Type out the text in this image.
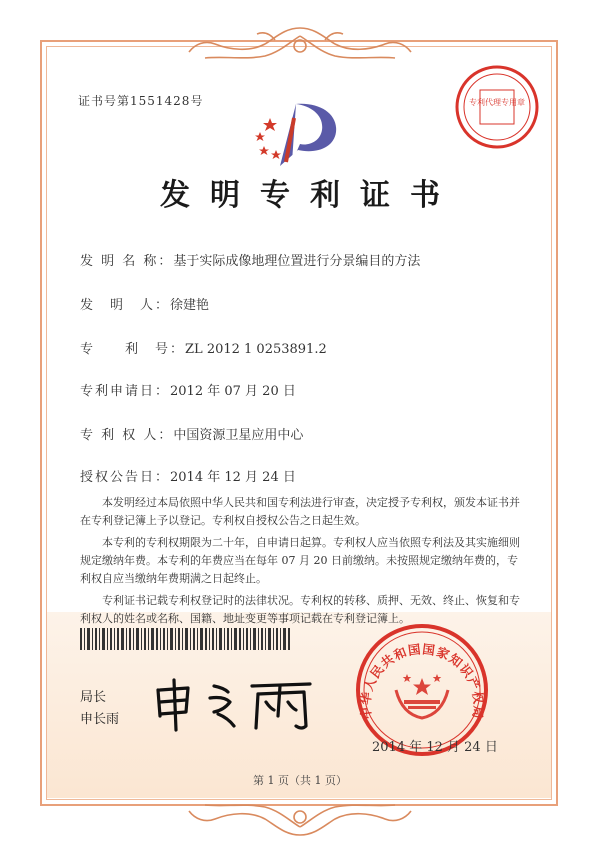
证书号第1551428号	专利代理专用章
发明专利证书
发 明 名 称：基于实际成像地理位置进行分景编目的方法
发　明　人：徐建艳
专　　利　号：ZL 2012 1 0253891.2
专利申请日：2012 年 07 月 20 日
专 利 权 人：中国资源卫星应用中心
授权公告日：2014 年 12 月 24 日

本发明经过本局依照中华人民共和国专利法进行审查，决定授予专利权，颁发本证书并在专利登记簿上予以登记。专利权自授权公告之日起生效。

本专利的专利权期限为二十年，自申请日起算。专利权人应当依照专利法及其实施细则规定缴纳年费。本专利的年费应当在每年 07 月 20 日前缴纳。未按照规定缴纳年费的，专利权自应当缴纳年费期满之日起终止。

专利证书记载专利权登记时的法律状况。专利权的转移、质押、无效、终止、恢复和专利权人的姓名或名称、国籍、地址变更等事项记载在专利登记簿上。

局长
申长雨	中华人民共和国国家知识产权局
2014 年 12 月 24 日
第 1 页（共 1 页）
